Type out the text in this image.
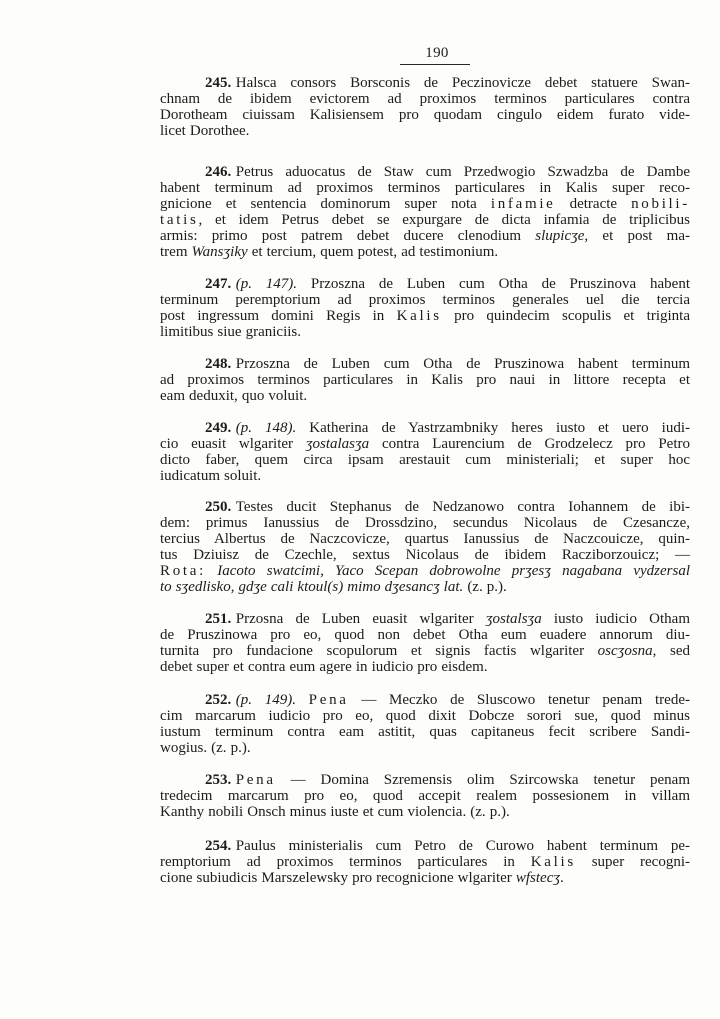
190
245. Halsca consors Borsconis de Peczinovicze debet statuere Swan-
chnam de ibidem evictorem ad proximos terminos particulares contra
Dorotheam ciuissam Kalisiensem pro quodam cingulo eidem furato vide-
licet Dorothee.
246. Petrus aduocatus de Staw cum Przedwogio Szwadzba de Dambe
habent terminum ad proximos terminos particulares in Kalis super reco-
gnicione et sentencia dominorum super nota infamie detracte nobili-
tatis, et idem Petrus debet se expurgare de dicta infamia de triplicibus
armis: primo post patrem debet ducere clenodium slupicʒe, et post ma-
trem Wansʒiky et tercium, quem potest, ad testimonium.
247. (p. 147). Przoszna de Luben cum Otha de Pruszinova habent
terminum peremptorium ad proximos terminos generales uel die tercia
post ingressum domini Regis in Kalis pro quindecim scopulis et triginta
limitibus siue graniciis.
248. Przoszna de Luben cum Otha de Pruszinowa habent terminum
ad proximos terminos particulares in Kalis pro naui in littore recepta et
eam deduxit, quo voluit.
249. (p. 148). Katherina de Yastrzambniky heres iusto et uero iudi-
cio euasit wlgariter ʒostalasʒa contra Laurencium de Grodzelecz pro Petro
dicto faber, quem circa ipsam arestauit cum ministeriali; et super hoc
iudicatum soluit.
250. Testes ducit Stephanus de Nedzanowo contra Iohannem de ibi-
dem: primus Ianussius de Drossdzino, secundus Nicolaus de Czesancze,
tercius Albertus de Naczcovicze, quartus Ianussius de Naczcouicze, quin-
tus Dziuisz de Czechle, sextus Nicolaus de ibidem Racziborzouicz; —
Rota: Iacoto swatcimi, Yaco Scepan dobrowolne prʒesʒ nagabana vydzersal
to sʒedlisko, gdʒe cali ktoul(s) mimo dʒesancʒ lat. (z. p.).
251. Przosna de Luben euasit wlgariter ʒostalsʒa iusto iudicio Otham
de Pruszinowa pro eo, quod non debet Otha eum euadere annorum diu-
turnita pro fundacione scopulorum et signis factis wlgariter oscʒosna, sed
debet super et contra eum agere in iudicio pro eisdem.
252. (p. 149). Pena — Meczko de Sluscowo tenetur penam trede-
cim marcarum iudicio pro eo, quod dixit Dobcze sorori sue, quod minus
iustum terminum contra eam astitit, quas capitaneus fecit scribere Sandi-
wogius. (z. p.).
253. Pena — Domina Szremensis olim Szircowska tenetur penam
tredecim marcarum pro eo, quod accepit realem possesionem in villam
Kanthy nobili Onsch minus iuste et cum violencia. (z. p.).
254. Paulus ministerialis cum Petro de Curowo habent terminum pe-
remptorium ad proximos terminos particulares in Kalis super recogni-
cione subiudicis Marszelewsky pro recognicione wlgariter wfstecʒ.
